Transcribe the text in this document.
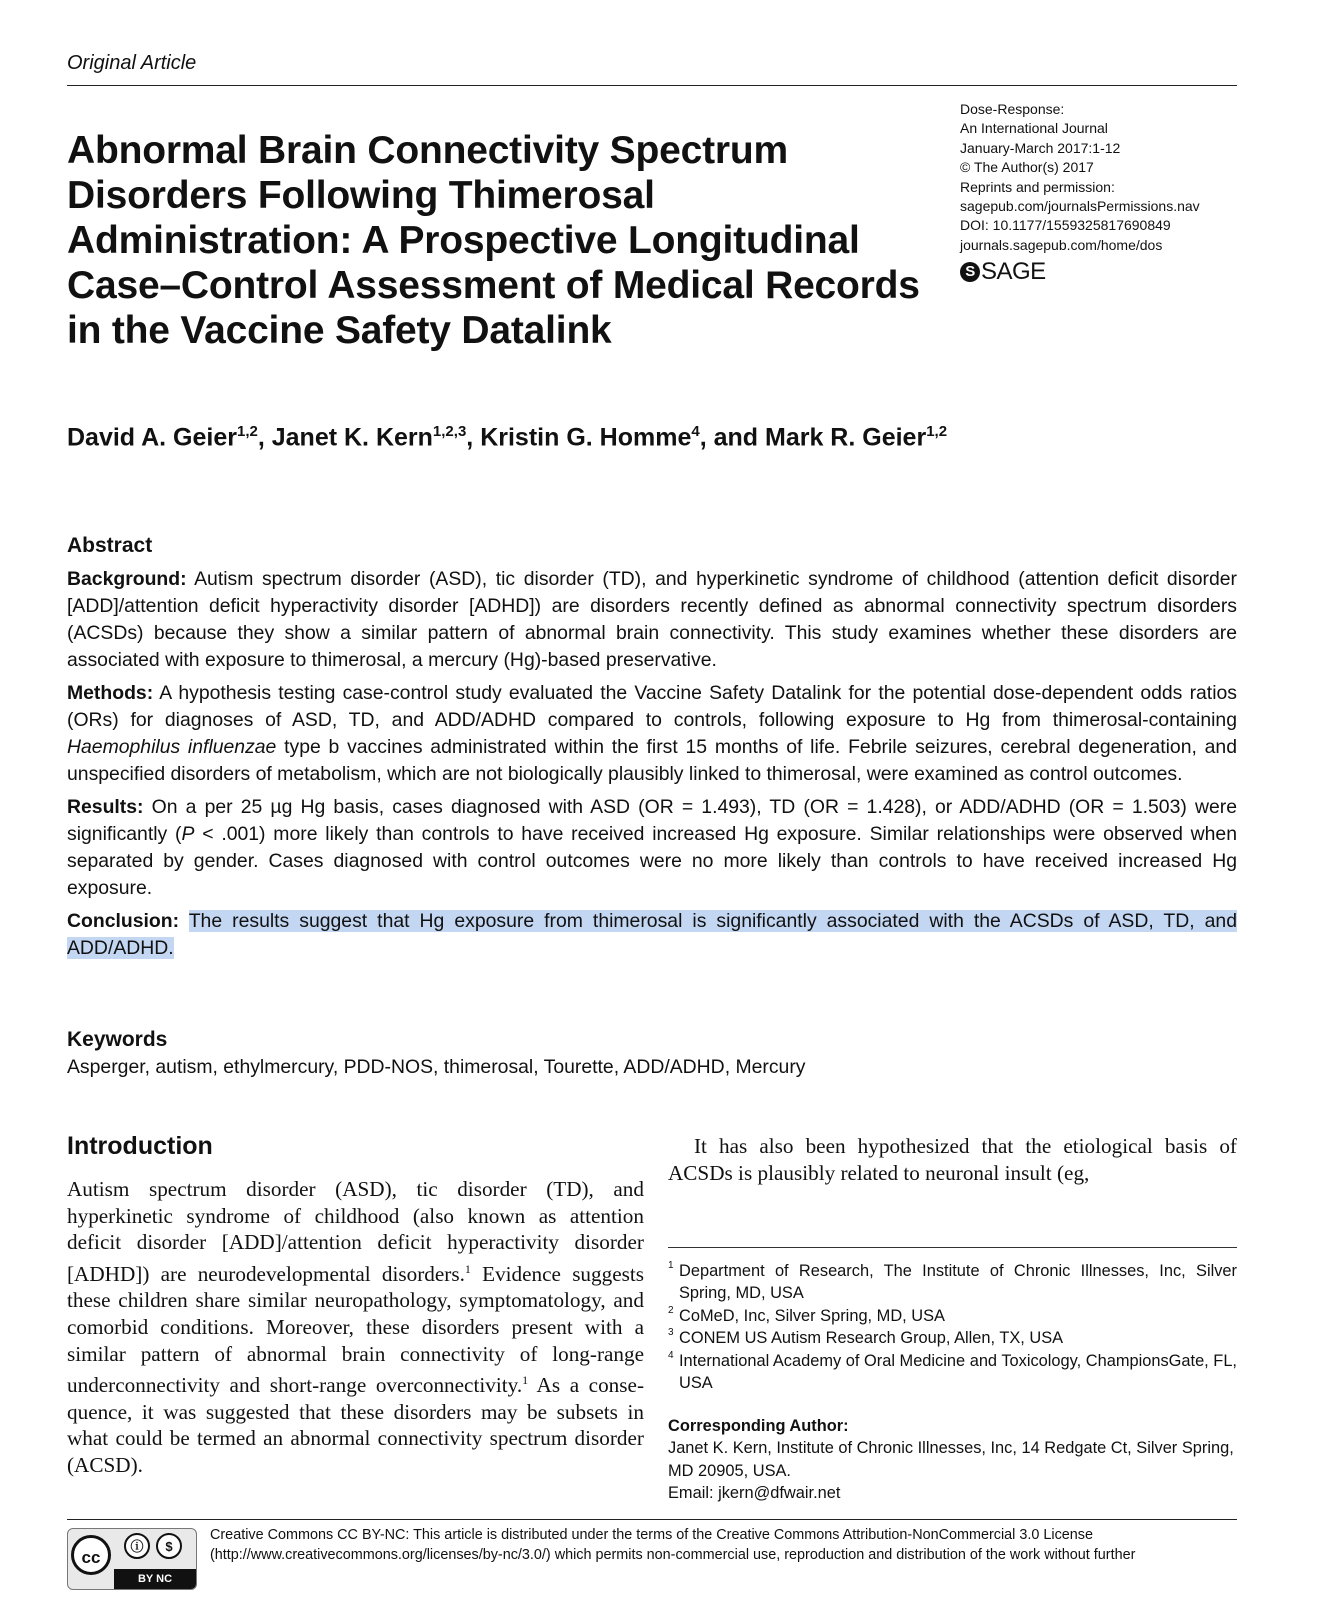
Original Article
Abnormal Brain Connectivity Spectrum Disorders Following Thimerosal Administration: A Prospective Longitudinal Case–Control Assessment of Medical Records in the Vaccine Safety Datalink
Dose-Response:
An International Journal
January-March 2017:1-12
© The Author(s) 2017
Reprints and permission:
sagepub.com/journalsPermissions.nav
DOI: 10.1177/1559325817690849
journals.sagepub.com/home/dos
S SAGE
David A. Geier$^{1,2}$, Janet K. Kern$^{1,2,3}$, Kristin G. Homme$^4$, and Mark R. Geier$^{1,2}$
Abstract

Background: Autism spectrum disorder (ASD), tic disorder (TD), and hyperkinetic syndrome of childhood (attention deficit disorder [ADD]/attention deficit hyperactivity disorder [ADHD]) are disorders recently defined as abnormal connectivity spectrum disorders (ACSDs) because they show a similar pattern of abnormal brain connectivity. This study examines whether these disorders are associated with exposure to thimerosal, a mercury (Hg)-based preservative.

Methods: A hypothesis testing case-control study evaluated the Vaccine Safety Datalink for the potential dose-dependent odds ratios (ORs) for diagnoses of ASD, TD, and ADD/ADHD compared to controls, following exposure to Hg from thimerosal-containing Haemophilus influenzae type b vaccines administrated within the first 15 months of life. Febrile seizures, cerebral degeneration, and unspecified disorders of metabolism, which are not biologically plausibly linked to thimerosal, were examined as control outcomes.

Results: On a per 25 µg Hg basis, cases diagnosed with ASD (OR = 1.493), TD (OR = 1.428), or ADD/ADHD (OR = 1.503) were significantly (P < .001) more likely than controls to have received increased Hg exposure. Similar relationships were observed when separated by gender. Cases diagnosed with control outcomes were no more likely than controls to have received increased Hg exposure.

Conclusion: The results suggest that Hg exposure from thimerosal is significantly associated with the ACSDs of ASD, TD, and ADD/ADHD.

Keywords
Asperger, autism, ethylmercury, PDD-NOS, thimerosal, Tourette, ADD/ADHD, Mercury
Introduction

Autism spectrum disorder (ASD), tic disorder (TD), and hyperkinetic syndrome of childhood (also known as attention deficit disorder [ADD]/attention deficit hyperactivity disorder [ADHD]) are neurodevelopmental disorders.$^1$ Evidence suggests these children share similar neuropathology, symptomatology, and comorbid conditions. Moreover, these disorders present with a similar pattern of abnormal brain connectivity of long-range underconnectivity and short-range overconnectivity.$^1$ As a consequence, it was suggested that these disorders may be subsets in what could be termed an abnormal connectivity spectrum disorder (ACSD).

It has also been hypothesized that the etiological basis of ACSDs is plausibly related to neuronal insult (eg,

1 Department of Research, The Institute of Chronic Illnesses, Inc, Silver Spring, MD, USA
2 CoMeD, Inc, Silver Spring, MD, USA
3 CONEM US Autism Research Group, Allen, TX, USA
4 International Academy of Oral Medicine and Toxicology, ChampionsGate, FL, USA
Corresponding Author:
Janet K. Kern, Institute of Chronic Illnesses, Inc, 14 Redgate Ct, Silver Spring, MD 20905, USA.
Email: jkern@dfwair.net
cc
ⓘ	$
BY NC
Creative Commons CC BY-NC: This article is distributed under the terms of the Creative Commons Attribution-NonCommercial 3.0 License
(http://www.creativecommons.org/licenses/by-nc/3.0/) which permits non-commercial use, reproduction and distribution of the work without further
